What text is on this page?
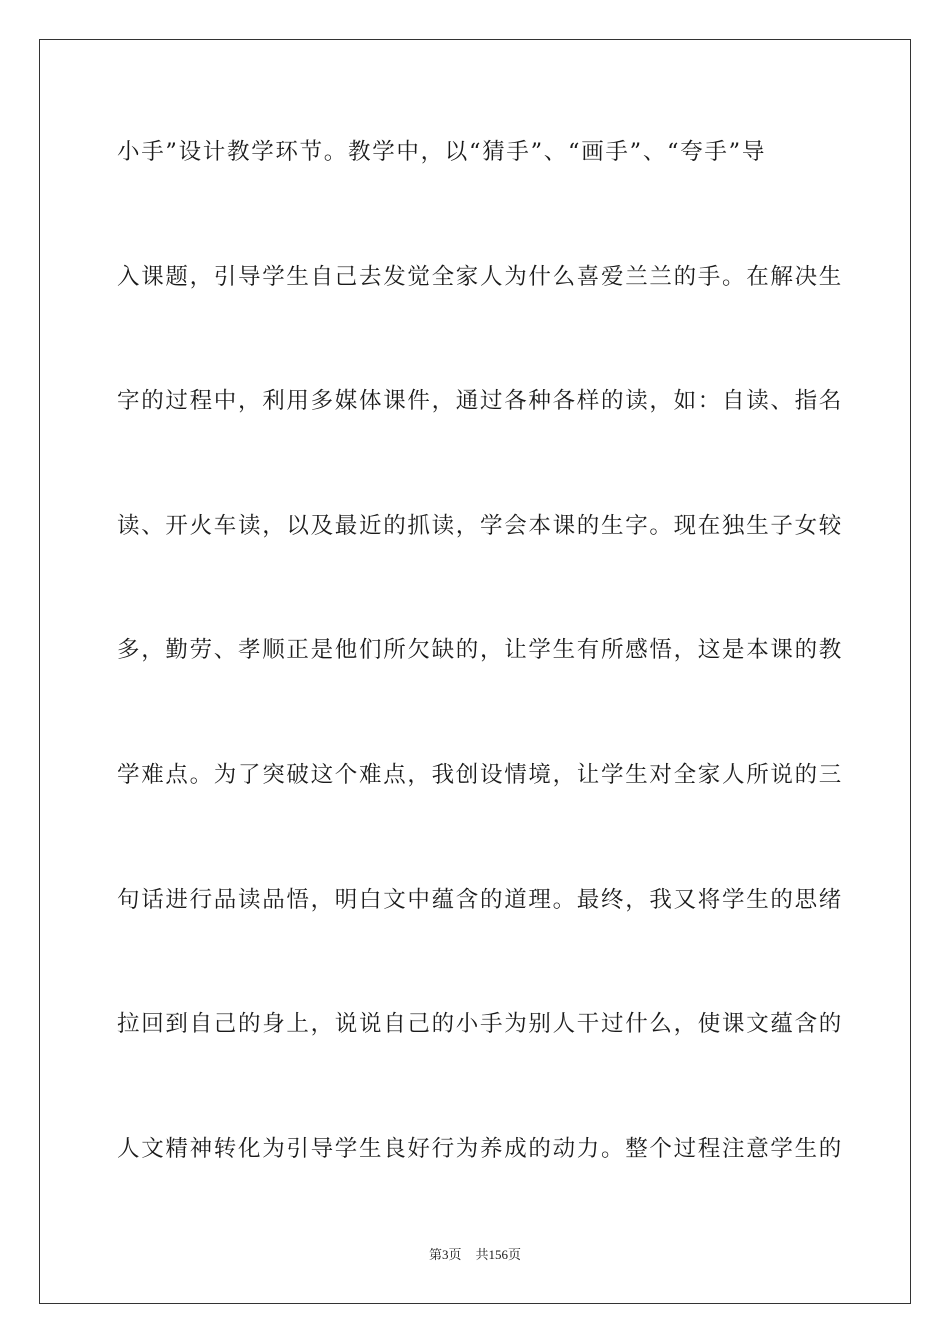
小手”设计教学环节。教学中，以“猜手”、“画手”、“夸手”导
入课题，引导学生自己去发觉全家人为什么喜爱兰兰的手。在解决生
字的过程中，利用多媒体课件，通过各种各样的读，如：自读、指名
读、开火车读，以及最近的抓读，学会本课的生字。现在独生子女较
多，勤劳、孝顺正是他们所欠缺的，让学生有所感悟，这是本课的教
学难点。为了突破这个难点，我创设情境，让学生对全家人所说的三
句话进行品读品悟，明白文中蕴含的道理。最终，我又将学生的思绪
拉回到自己的身上，说说自己的小手为别人干过什么，使课文蕴含的
人文精神转化为引导学生良好行为养成的动力。整个过程注意学生的
第3页 共156页
